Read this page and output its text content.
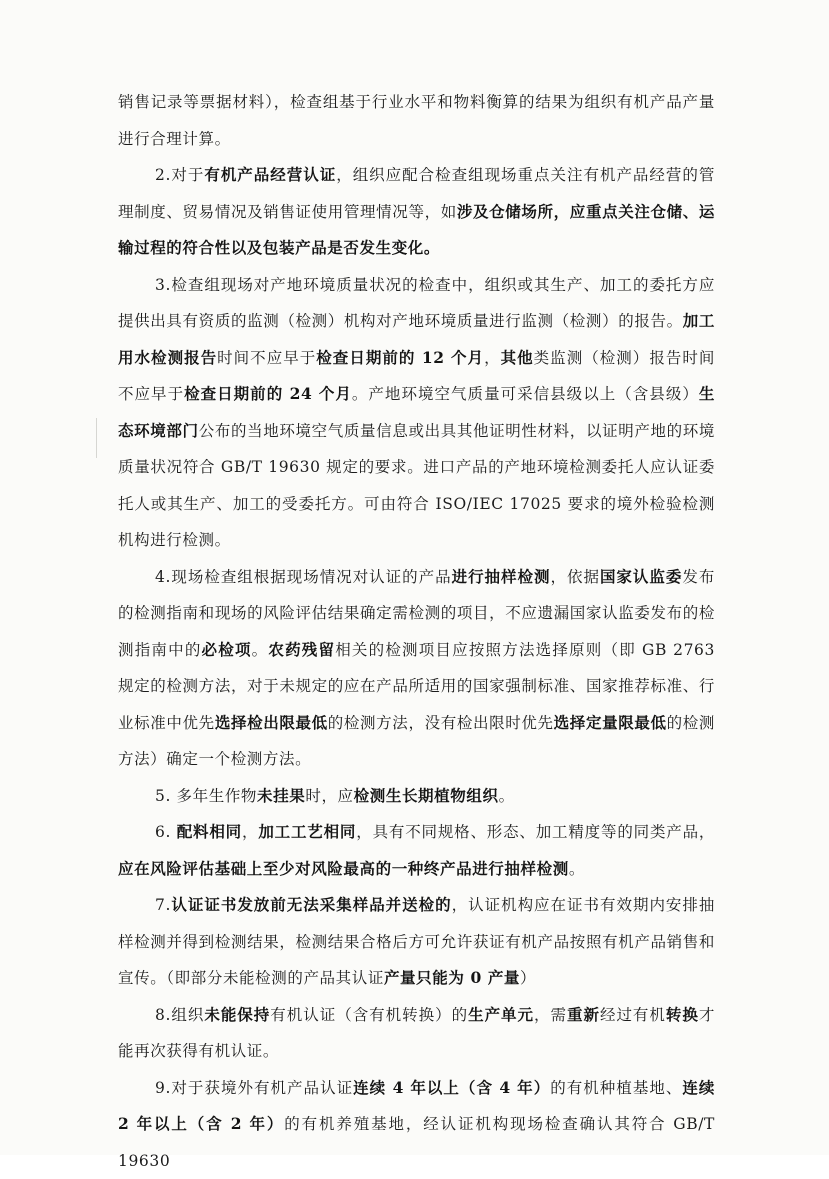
销售记录等票据材料），检查组基于行业水平和物料衡算的结果为组织有机产品产量进行合理计算。

2.对于有机产品经营认证，组织应配合检查组现场重点关注有机产品经营的管理制度、贸易情况及销售证使用管理情况等，如涉及仓储场所，应重点关注仓储、运输过程的符合性以及包装产品是否发生变化。

3.检查组现场对产地环境质量状况的检查中，组织或其生产、加工的委托方应提供出具有资质的监测（检测）机构对产地环境质量进行监测（检测）的报告。加工用水检测报告时间不应早于检查日期前的 12 个月，其他类监测（检测）报告时间不应早于检查日期前的 24 个月。产地环境空气质量可采信县级以上（含县级）生态环境部门公布的当地环境空气质量信息或出具其他证明性材料，以证明产地的环境质量状况符合 GB/T 19630 规定的要求。进口产品的产地环境检测委托人应认证委托人或其生产、加工的受委托方。可由符合 ISO/IEC 17025 要求的境外检验检测机构进行检测。

4.现场检查组根据现场情况对认证的产品进行抽样检测，依据国家认监委发布的检测指南和现场的风险评估结果确定需检测的项目，不应遗漏国家认监委发布的检测指南中的必检项。农药残留相关的检测项目应按照方法选择原则（即 GB 2763 规定的检测方法，对于未规定的应在产品所适用的国家强制标准、国家推荐标准、行业标准中优先选择检出限最低的检测方法，没有检出限时优先选择定量限最低的检测方法）确定一个检测方法。

5. 多年生作物未挂果时，应检测生长期植物组织。

6. 配料相同，加工工艺相同，具有不同规格、形态、加工精度等的同类产品，应在风险评估基础上至少对风险最高的一种终产品进行抽样检测。

7.认证证书发放前无法采集样品并送检的，认证机构应在证书有效期内安排抽样检测并得到检测结果，检测结果合格后方可允许获证有机产品按照有机产品销售和宣传。（即部分未能检测的产品其认证产量只能为 0 产量）

8.组织未能保持有机认证（含有机转换）的生产单元，需重新经过有机转换才能再次获得有机认证。

9.对于获境外有机产品认证连续 4 年以上（含 4 年）的有机种植基地、连续 2 年以上（含 2 年）的有机养殖基地，经认证机构现场检查确认其符合 GB/T 19630
